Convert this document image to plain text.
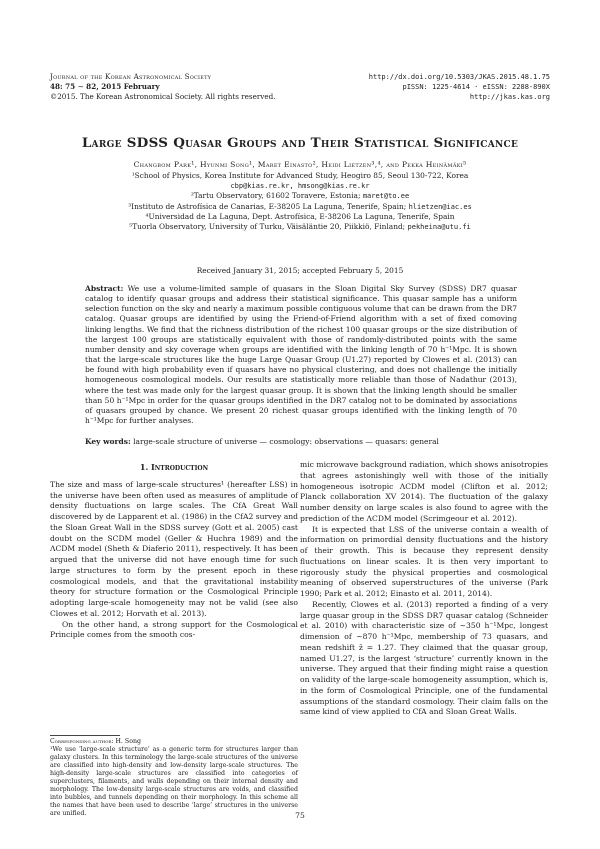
Journal of the Korean Astronomical Society
48: 75 ∼ 82, 2015 February
©2015. The Korean Astronomical Society. All rights reserved.
http://dx.doi.org/10.5303/JKAS.2015.48.1.75
pISSN: 1225-4614 · eISSN: 2288-890X
http://jkas.kas.org
Large SDSS Quasar Groups and Their Statistical Significance
Changbom Park¹, Hyunmi Song¹, Maret Einasto², Heidi Lietzen³,⁴, and Pekka Heinämäki⁵
¹School of Physics, Korea Institute for Advanced Study, Heogiro 85, Seoul 130-722, Korea
cbp@kias.re.kr, hmsong@kias.re.kr
²Tartu Observatory, 61602 Toravere, Estonia; maret@to.ee
³Instituto de Astrofísica de Canarias, E-38205 La Laguna, Tenerife, Spain; hlietzen@iac.es
⁴Universidad de La Laguna, Dept. Astrofísica, E-38206 La Laguna, Tenerife, Spain
⁵Tuorla Observatory, University of Turku, Väisäläntie 20, Piikkiö, Finland; pekheina@utu.fi
Received January 31, 2015; accepted February 5, 2015
Abstract: We use a volume-limited sample of quasars in the Sloan Digital Sky Survey (SDSS) DR7 quasar catalog to identify quasar groups and address their statistical significance. This quasar sample has a uniform selection function on the sky and nearly a maximum possible contiguous volume that can be drawn from the DR7 catalog. Quasar groups are identified by using the Friend-of-Friend algorithm with a set of fixed comoving linking lengths. We find that the richness distribution of the richest 100 quasar groups or the size distribution of the largest 100 groups are statistically equivalent with those of randomly-distributed points with the same number density and sky coverage when groups are identified with the linking length of 70 h⁻¹Mpc. It is shown that the large-scale structures like the huge Large Quasar Group (U1.27) reported by Clowes et al. (2013) can be found with high probability even if quasars have no physical clustering, and does not challenge the initially homogeneous cosmological models. Our results are statistically more reliable than those of Nadathur (2013), where the test was made only for the largest quasar group. It is shown that the linking length should be smaller than 50 h⁻¹Mpc in order for the quasar groups identified in the DR7 catalog not to be dominated by associations of quasars grouped by chance. We present 20 richest quasar groups identified with the linking length of 70 h⁻¹Mpc for further analyses.
Key words: large-scale structure of universe — cosmology: observations — quasars: general
1. Introduction

The size and mass of large-scale structures¹ (hereafter LSS) in the universe have been often used as measures of amplitude of density fluctuations on large scales. The CfA Great Wall discovered by de Lapparent et al. (1986) in the CfA2 survey and the Sloan Great Wall in the SDSS survey (Gott et al. 2005) cast doubt on the SCDM model (Geller & Huchra 1989) and the ΛCDM model (Sheth & Diaferio 2011), respectively. It has been argued that the universe did not have enough time for such large structures to form by the present epoch in these cosmological models, and that the gravitational instability theory for structure formation or the Cosmological Principle adopting large-scale homogeneity may not be valid (see also Clowes et al. 2012; Horvath et al. 2013).

On the other hand, a strong support for the Cosmological Principle comes from the smooth cos-

mic microwave background radiation, which shows anisotropies that agrees astonishingly well with those of the initially homogeneous isotropic ΛCDM model (Clifton et al. 2012; Planck collaboration XV 2014). The fluctuation of the galaxy number density on large scales is also found to agree with the prediction of the ΛCDM model (Scrimgeour et al. 2012).

It is expected that LSS of the universe contain a wealth of information on primordial density fluctuations and the history of their growth. This is because they represent density fluctuations on linear scales. It is then very important to rigorously study the physical properties and cosmological meaning of observed superstructures of the universe (Park 1990; Park et al. 2012; Einasto et al. 2011, 2014).

Recently, Clowes et al. (2013) reported a finding of a very large quasar group in the SDSS DR7 quasar catalog (Schneider et al. 2010) with characteristic size of ∼350 h⁻¹Mpc, longest dimension of ∼870 h⁻¹Mpc, membership of 73 quasars, and mean redshift z̄ = 1.27. They claimed that the quasar group, named U1.27, is the largest ‘structure’ currently known in the universe. They argued that their finding might raise a question on validity of the large-scale homogeneity assumption, which is, in the form of Cosmological Principle, one of the fundamental assumptions of the standard cosmology. Their claim falls on the same kind of view applied to CfA and Sloan Great Walls.

Corresponding author: H. Song
¹We use ‘large-scale structure’ as a generic term for structures larger than galaxy clusters. In this terminology the large-scale structures of the universe are classified into high-density and low-density large-scale structures. The high-density large-scale structures are classified into categories of superclusters, filaments, and walls depending on their internal density and morphology. The low-density large-scale structures are voids, and classified into bubbles, and tunnels depending on their morphology. In this scheme all the names that have been used to describe ‘large’ structures in the universe are unified.	75
